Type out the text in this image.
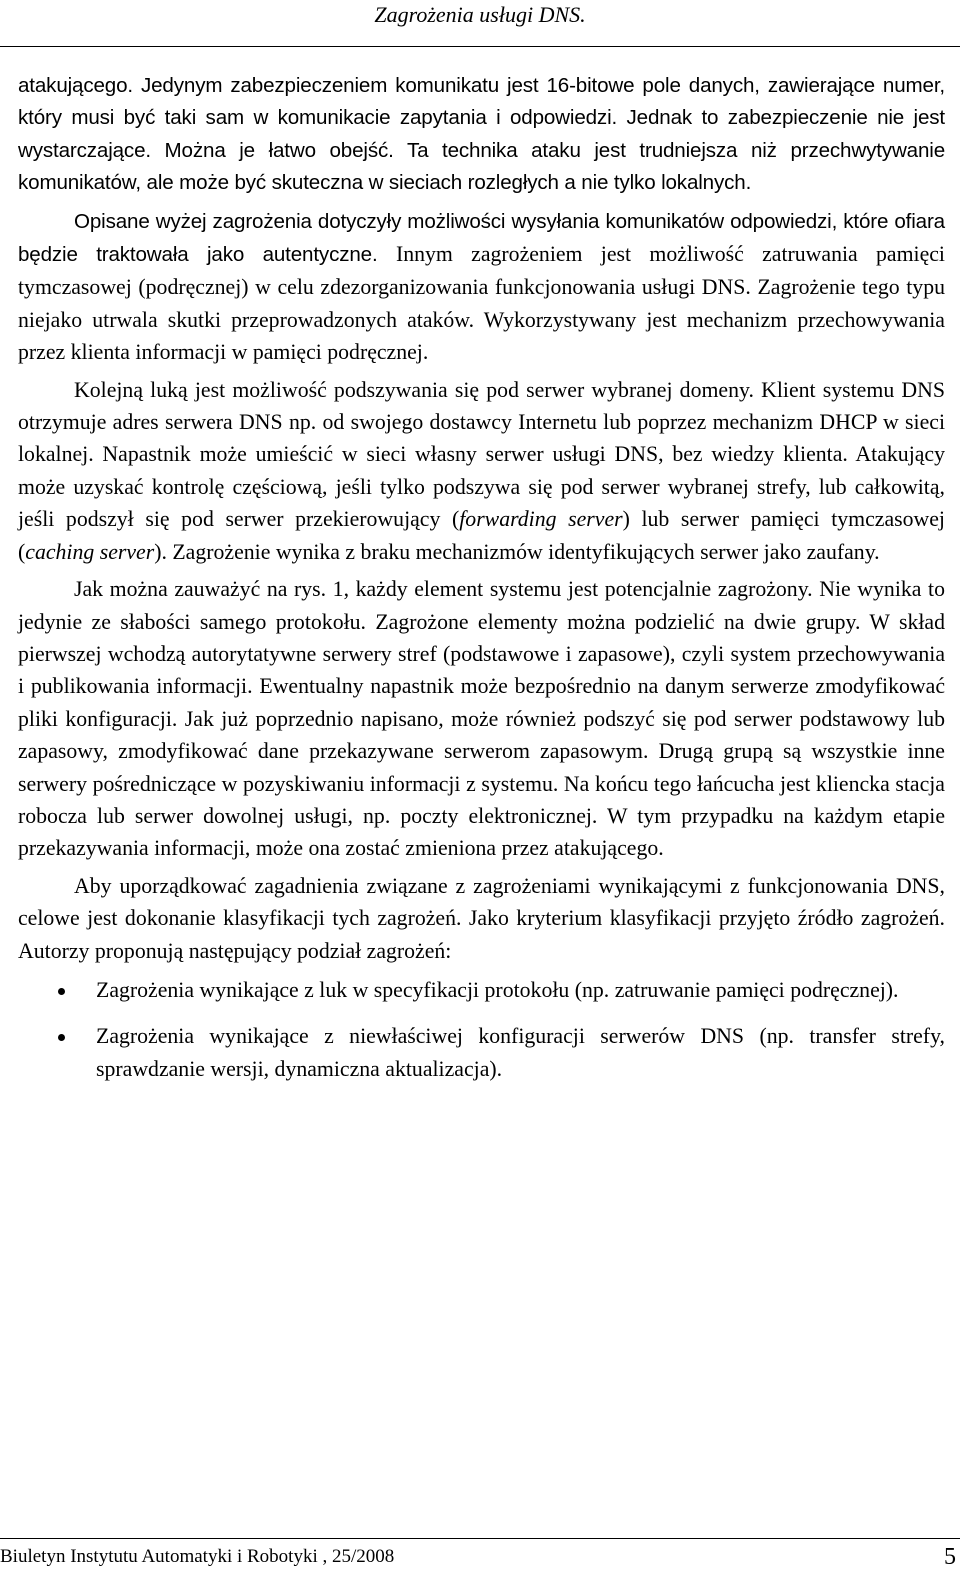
Zagrożenia usługi DNS.

atakującego. Jedynym zabezpieczeniem komunikatu jest 16-bitowe pole danych, zawierające numer, który musi być taki sam w komunikacie zapytania i odpowiedzi. Jednak to zabezpieczenie nie jest wystarczające. Można je łatwo obejść. Ta technika ataku jest trudniejsza niż przechwytywanie komunikatów, ale może być skuteczna w sieciach rozległych a nie tylko lokalnych.

Opisane wyżej zagrożenia dotyczyły możliwości wysyłania komunikatów odpowiedzi, które ofiara będzie traktowała jako autentyczne. Innym zagrożeniem jest możliwość zatruwania pamięci tymczasowej (podręcznej) w celu zdezorganizowania funkcjonowania usługi DNS. Zagrożenie tego typu niejako utrwala skutki przeprowadzonych ataków. Wykorzystywany jest mechanizm przechowywania przez klienta informacji w pamięci podręcznej.

Kolejną luką jest możliwość podszywania się pod serwer wybranej domeny. Klient systemu DNS otrzymuje adres serwera DNS np. od swojego dostawcy Internetu lub poprzez mechanizm DHCP w sieci lokalnej. Napastnik może umieścić w sieci własny serwer usługi DNS, bez wiedzy klienta. Atakujący może uzyskać kontrolę częściową, jeśli tylko podszywa się pod serwer wybranej strefy, lub całkowitą, jeśli podszył się pod serwer przekierowujący (forwarding server) lub serwer pamięci tymczasowej (caching server). Zagrożenie wynika z braku mechanizmów identyfikujących serwer jako zaufany.

Jak można zauważyć na rys. 1, każdy element systemu jest potencjalnie zagrożony. Nie wynika to jedynie ze słabości samego protokołu. Zagrożone elementy można podzielić na dwie grupy. W skład pierwszej wchodzą autorytatywne serwery stref (podstawowe i zapasowe), czyli system przechowywania i publikowania informacji. Ewentualny napastnik może bezpośrednio na danym serwerze zmodyfikować pliki konfiguracji. Jak już poprzednio napisano, może również podszyć się pod serwer podstawowy lub zapasowy, zmodyfikować dane przekazywane serwerom zapasowym. Drugą grupą są wszystkie inne serwery pośredniczące w pozyskiwaniu informacji z systemu. Na końcu tego łańcucha jest kliencka stacja robocza lub serwer dowolnej usługi, np. poczty elektronicznej. W tym przypadku na każdym etapie przekazywania informacji, może ona zostać zmieniona przez atakującego.

Aby uporządkować zagadnienia związane z zagrożeniami wynikającymi z funkcjonowania DNS, celowe jest dokonanie klasyfikacji tych zagrożeń. Jako kryterium klasyfikacji przyjęto źródło zagrożeń. Autorzy proponują następujący podział zagrożeń:

Zagrożenia wynikające z luk w specyfikacji protokołu (np. zatruwanie pamięci podręcznej).
Zagrożenia wynikające z niewłaściwej konfiguracji serwerów DNS (np. transfer strefy, sprawdzanie wersji, dynamiczna aktualizacja).
Biuletyn Instytutu Automatyki i Robotyki , 25/2008	5
